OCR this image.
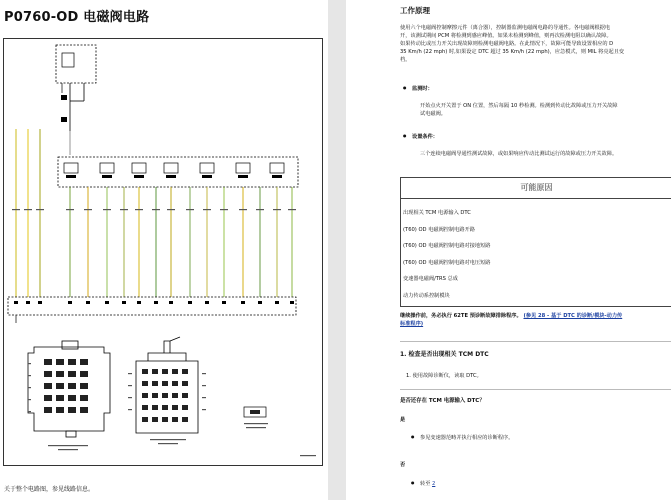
P0760-OD 电磁阀电路

关于整个电路图，参见线路信息。

工作原理

使用六个电磁阀控制摩擦元件（离合器），控制器监测电磁阀电路的导通性。各电磁阀根据电

开，该测试期间 PCM 将检测到感应峰值。如果未检测到峰值，则再次检测电阻以确认故障。

如果传动比或压力开关出现故障则检测电磁阀电路。在此情况下，故障可能导致设置相应的 D

35 Km/h (22 mph) 时,如果设定 DTC 超过 35 Km/h (22 mph)，应急模式，则 MIL 将亮起且变

档。

● 监测时：

开始点火开关置于 ON 位置，然后每隔 10 秒检测。检测到传动比故障或压力开关故障

试电磁阀。

● 设置条件：
三个连续电磁阀导通性测试故障，或如果响应传动比测试运行的故障或压力开关故障。
可能原因
出现相关 TCM 电源输入 DTC
(T60) OD 电磁阀控制电路开路
(T60) OD 电磁阀控制电路对接地短路
(T60) OD 电磁阀控制电路对电压短路
变速器电磁阀/TRS 总成
动力传动系控制模块
继续操作前，务必执行 62TE 预诊断故障排除程序。 (参见 28 - 基于 DTC 的诊断/模块-动力传
标准程序)
1. 检查是否出现相关 TCM DTC
1. 使用故障诊断仪，读取 DTC。
是否还存在 TCM 电源输入 DTC？
是
● 参见变速器范畴并执行相应的诊断程序。
否
● 转至 2
